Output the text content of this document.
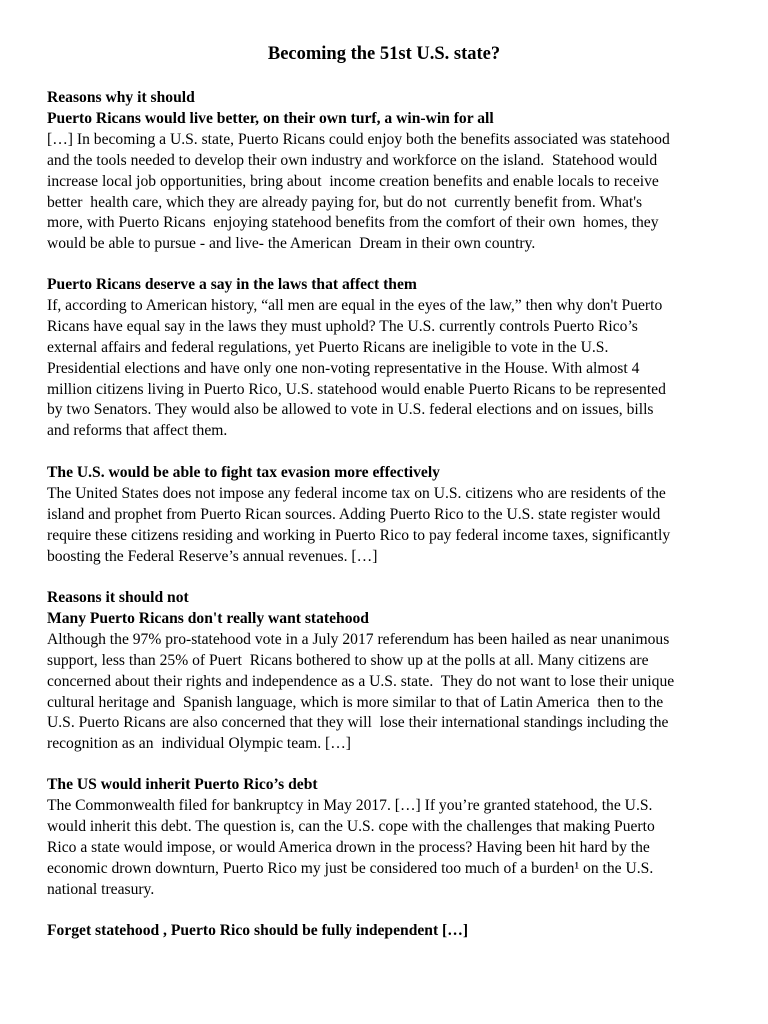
Becoming the 51st U.S. state?

Reasons why it should

Puerto Ricans would live better, on their own turf, a win-win for all

[…] In becoming a U.S. state, Puerto Ricans could enjoy both the benefits associated was statehood
and the tools needed to develop their own industry and workforce on the island.  Statehood would
increase local job opportunities, bring about  income creation benefits and enable locals to receive
better  health care, which they are already paying for, but do not  currently benefit from. What's
more, with Puerto Ricans  enjoying statehood benefits from the comfort of their own  homes, they
would be able to pursue - and live- the American  Dream in their own country.

Puerto Ricans deserve a say in the laws that affect them

If, according to American history, “all men are equal in the eyes of the law,” then why don't Puerto
Ricans have equal say in the laws they must uphold? The U.S. currently controls Puerto Rico’s
external affairs and federal regulations, yet Puerto Ricans are ineligible to vote in the U.S.
Presidential elections and have only one non-voting representative in the House. With almost 4
million citizens living in Puerto Rico, U.S. statehood would enable Puerto Ricans to be represented
by two Senators. They would also be allowed to vote in U.S. federal elections and on issues, bills
and reforms that affect them.

The U.S. would be able to fight tax evasion more effectively

The United States does not impose any federal income tax on U.S. citizens who are residents of the
island and prophet from Puerto Rican sources. Adding Puerto Rico to the U.S. state register would
require these citizens residing and working in Puerto Rico to pay federal income taxes, significantly
boosting the Federal Reserve’s annual revenues. […]

Reasons it should not

Many Puerto Ricans don't really want statehood

Although the 97% pro-statehood vote in a July 2017 referendum has been hailed as near unanimous
support, less than 25% of Puert  Ricans bothered to show up at the polls at all. Many citizens are
concerned about their rights and independence as a U.S. state.  They do not want to lose their unique
cultural heritage and  Spanish language, which is more similar to that of Latin America  then to the
U.S. Puerto Ricans are also concerned that they will  lose their international standings including the
recognition as an  individual Olympic team. […]

The US would inherit Puerto Rico’s debt

The Commonwealth filed for bankruptcy in May 2017. […] If you’re granted statehood, the U.S.
would inherit this debt. The question is, can the U.S. cope with the challenges that making Puerto
Rico a state would impose, or would America drown in the process? Having been hit hard by the
economic drown downturn, Puerto Rico my just be considered too much of a burden¹ on the U.S.
national treasury.

Forget statehood , Puerto Rico should be fully independent […]
